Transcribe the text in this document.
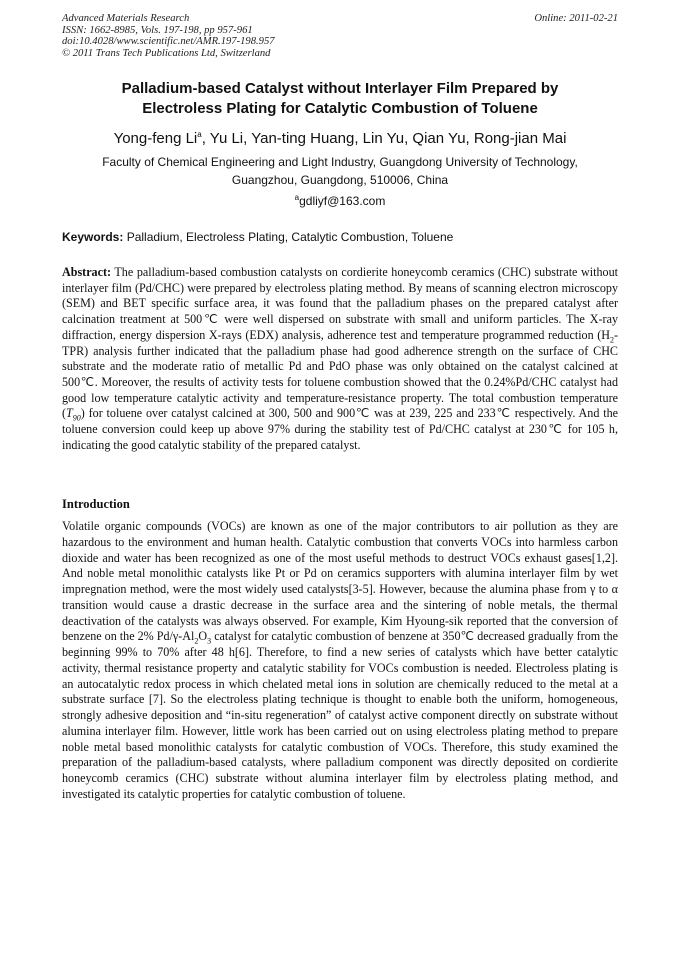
Advanced Materials Research
ISSN: 1662-8985, Vols. 197-198, pp 957-961
doi:10.4028/www.scientific.net/AMR.197-198.957
© 2011 Trans Tech Publications Ltd, Switzerland
Online: 2011-02-21
Palladium-based Catalyst without Interlayer Film Prepared by
Electroless Plating for Catalytic Combustion of Toluene
Yong-feng Li$^a$, Yu Li, Yan-ting Huang, Lin Yu, Qian Yu, Rong-jian Mai
Faculty of Chemical Engineering and Light Industry, Guangdong University of Technology,
Guangzhou, Guangdong, 510006, China
$^a$gdliyf@163.com
Keywords: Palladium, Electroless Plating, Catalytic Combustion, Toluene
Abstract: The palladium-based combustion catalysts on cordierite honeycomb ceramics (CHC) substrate without interlayer film (Pd/CHC) were prepared by electroless plating method. By means of scanning electron microscopy (SEM) and BET specific surface area, it was found that the palladium phases on the prepared catalyst after calcination treatment at 500℃ were well dispersed on substrate with small and uniform particles. The X-ray diffraction, energy dispersion X-rays (EDX) analysis, adherence test and temperature programmed reduction $(H_2-TPR)$ analysis further indicated that the palladium phase had good adherence strength on the surface of CHC substrate and the moderate ratio of metallic Pd and PdO phase was only obtained on the catalyst calcined at 500℃. Moreover, the results of activity tests for toluene combustion showed that the 0.24%Pd/CHC catalyst had good low temperature catalytic activity and temperature-resistance property. The total combustion temperature $(T_{90})$ for toluene over catalyst calcined at 300, 500 and 900℃ was at 239, 225 and 233℃ respectively. And the toluene conversion could keep up above 97% during the stability test of Pd/CHC catalyst at 230℃ for 105 h, indicating the good catalytic stability of the prepared catalyst.
Introduction
Volatile organic compounds (VOCs) are known as one of the major contributors to air pollution as they are hazardous to the environment and human health. Catalytic combustion that converts VOCs into harmless carbon dioxide and water has been recognized as one of the most useful methods to destruct VOCs exhaust gases[1,2]. And noble metal monolithic catalysts like Pt or Pd on ceramics supporters with alumina interlayer film by wet impregnation method, were the most widely used catalysts[3-5]. However, because the alumina phase from γ to α transition would cause a drastic decrease in the surface area and the sintering of noble metals, the thermal deactivation of the catalysts was always observed. For example, Kim Hyoung-sik reported that the conversion of benzene on the 2% $Pd/\gamma-Al_2O_3$ catalyst for catalytic combustion of benzene at 350℃ decreased gradually from the beginning 99% to 70% after 48 h[6]. Therefore, to find a new series of catalysts which have better catalytic activity, thermal resistance property and catalytic stability for VOCs combustion is needed. Electroless plating is an autocatalytic redox process in which chelated metal ions in solution are chemically reduced to the metal at a substrate surface [7]. So the electroless plating technique is thought to enable both the uniform, homogeneous, strongly adhesive deposition and “in-situ regeneration” of catalyst active component directly on substrate without alumina interlayer film. However, little work has been carried out on using electroless plating method to prepare noble metal based monolithic catalysts for catalytic combustion of VOCs. Therefore, this study examined the preparation of the palladium-based catalysts, where palladium component was directly deposited on cordierite honeycomb ceramics (CHC) substrate without alumina interlayer film by electroless plating method, and investigated its catalytic properties for catalytic combustion of toluene.
